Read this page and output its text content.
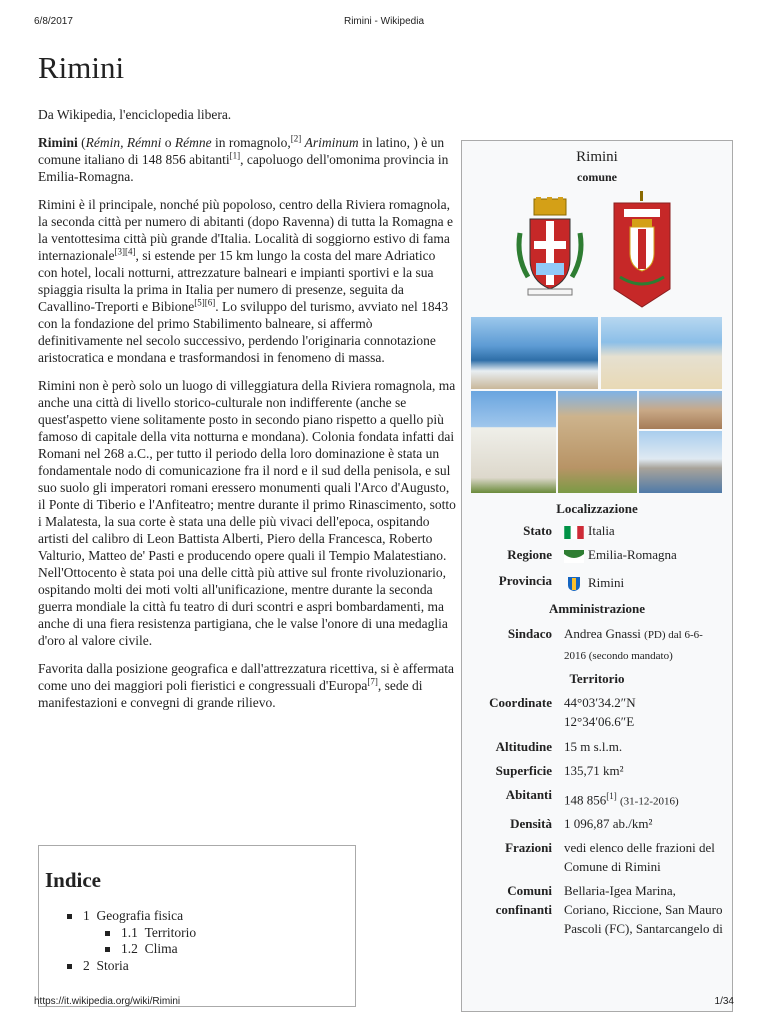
6/8/2017	Rimini - Wikipedia
Rimini
Da Wikipedia, l'enciclopedia libera.

Rimini (Rémin, Rémni o Rémne in romagnolo,[2] Ariminum in latino, ) è un comune italiano di 148 856 abitanti[1], capoluogo dell'omonima provincia in Emilia-Romagna.

Rimini è il principale, nonché più popoloso, centro della Riviera romagnola, la seconda città per numero di abitanti (dopo Ravenna) di tutta la Romagna e la ventottesima città più grande d'Italia. Località di soggiorno estivo di fama internazionale[3][4], si estende per 15 km lungo la costa del mare Adriatico con hotel, locali notturni, attrezzature balneari e impianti sportivi e la sua spiaggia risulta la prima in Italia per numero di presenze, seguita da Cavallino-Treporti e Bibione[5][6]. Lo sviluppo del turismo, avviato nel 1843 con la fondazione del primo Stabilimento balneare, si affermò definitivamente nel secolo successivo, perdendo l'originaria connotazione aristocratica e mondana e trasformandosi in fenomeno di massa.

Rimini non è però solo un luogo di villeggiatura della Riviera romagnola, ma anche una città di livello storico-culturale non indifferente (anche se quest'aspetto viene solitamente posto in secondo piano rispetto a quello più famoso di capitale della vita notturna e mondana). Colonia fondata infatti dai Romani nel 268 a.C., per tutto il periodo della loro dominazione è stata un fondamentale nodo di comunicazione fra il nord e il sud della penisola, e sul suo suolo gli imperatori romani eressero monumenti quali l'Arco d'Augusto, il Ponte di Tiberio e l'Anfiteatro; mentre durante il primo Rinascimento, sotto i Malatesta, la sua corte è stata una delle più vivaci dell'epoca, ospitando artisti del calibro di Leon Battista Alberti, Piero della Francesca, Roberto Valturio, Matteo de' Pasti e producendo opere quali il Tempio Malatestiano. Nell'Ottocento è stata poi una delle città più attive sul fronte rivoluzionario, ospitando molti dei moti volti all'unificazione, mentre durante la seconda guerra mondiale la città fu teatro di duri scontri e aspri bombardamenti, ma anche di una fiera resistenza partigiana, che le valse l'onore di una medaglia d'oro al valore civile.

Favorita dalla posizione geografica e dall'attrezzatura ricettiva, si è affermata come uno dei maggiori poli fieristici e congressuali d'Europa[7], sede di manifestazioni e convegni di grande rilievo.

Indice
1 Geografia fisica
1.1 Territorio
1.2 Clima
2 Storia
Rimini
comune
Localizzazione
Stato	Italia
Regione	Emilia-Romagna
Provincia	Rimini
Amministrazione
Sindaco Andrea Gnassi (PD) dal 6-6-2016 (secondo mandato)
Territorio
Coordinate 44°03′34.2″N
12°34′06.6″E
Altitudine 15 m s.l.m.
Superficie 135,71 km²
Abitanti 148 856[1] (31-12-2016)
Densità 1 096,87 ab./km²
Frazioni vedi elenco delle frazioni del Comune di Rimini
Comuni
confinanti
Bellaria-Igea Marina, Coriano, Riccione, San Mauro Pascoli (FC), Santarcangelo di
https://it.wikipedia.org/wiki/Rimini	1/34
